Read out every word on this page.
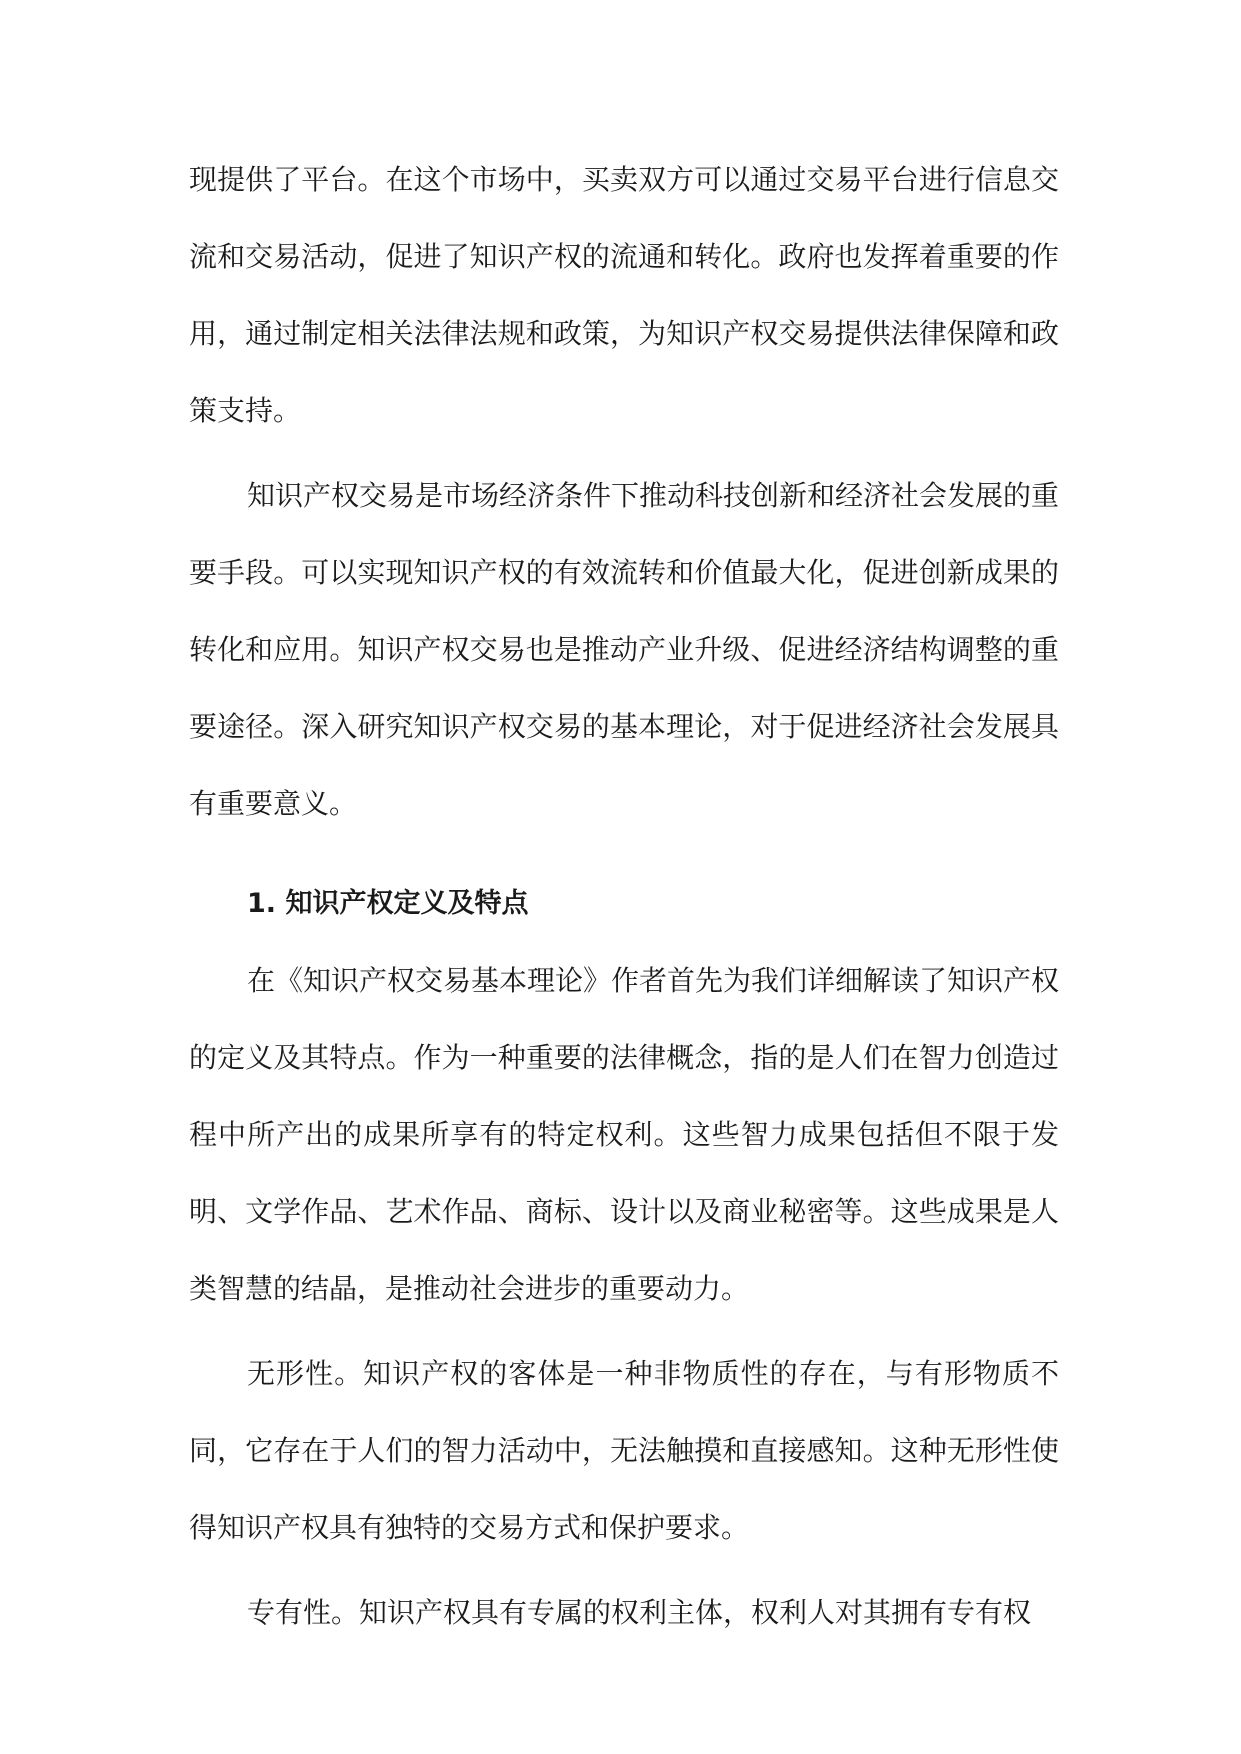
现提供了平台。在这个市场中，买卖双方可以通过交易平台进行信息交流和交易活动，促进了知识产权的流通和转化。政府也发挥着重要的作用，通过制定相关法律法规和政策，为知识产权交易提供法律保障和政策支持。

知识产权交易是市场经济条件下推动科技创新和经济社会发展的重要手段。可以实现知识产权的有效流转和价值最大化，促进创新成果的转化和应用。知识产权交易也是推动产业升级、促进经济结构调整的重要途径。深入研究知识产权交易的基本理论，对于促进经济社会发展具有重要意义。

1. 知识产权定义及特点

在《知识产权交易基本理论》作者首先为我们详细解读了知识产权的定义及其特点。作为一种重要的法律概念，指的是人们在智力创造过程中所产出的成果所享有的特定权利。这些智力成果包括但不限于发明、文学作品、艺术作品、商标、设计以及商业秘密等。这些成果是人类智慧的结晶，是推动社会进步的重要动力。

无形性。知识产权的客体是一种非物质性的存在，与有形物质不同，它存在于人们的智力活动中，无法触摸和直接感知。这种无形性使得知识产权具有独特的交易方式和保护要求。

专有性。知识产权具有专属的权利主体，权利人对其拥有专有权
